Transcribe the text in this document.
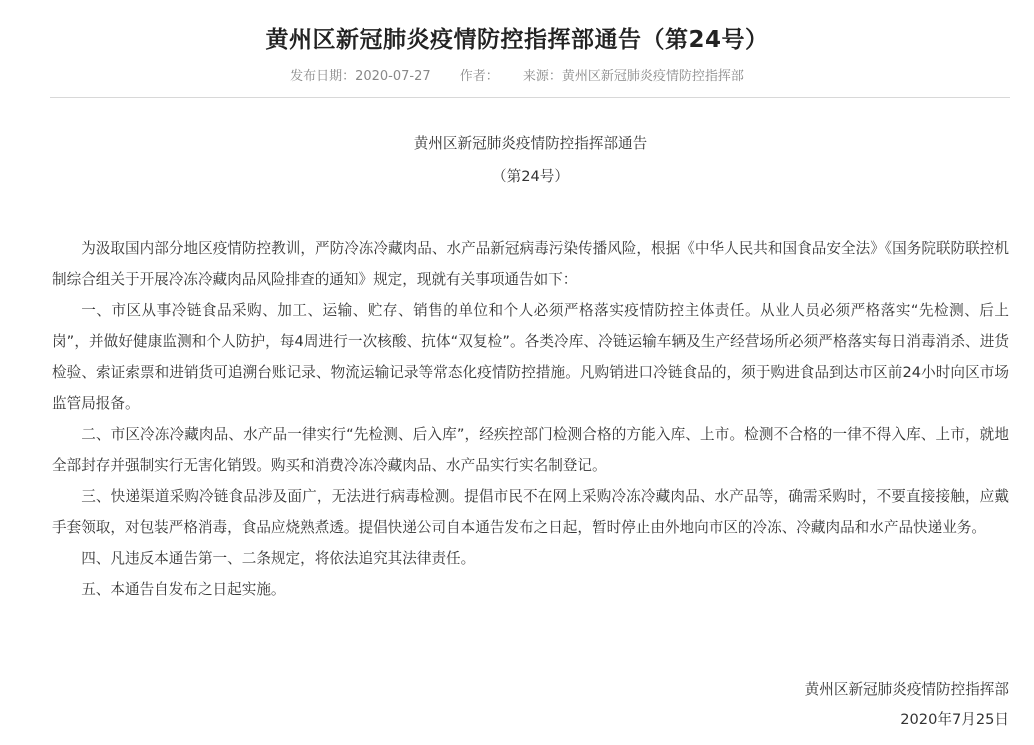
黄州区新冠肺炎疫情防控指挥部通告（第24号）
发布日期：2020-07-27 作者： 来源：黄州区新冠肺炎疫情防控指挥部
黄州区新冠肺炎疫情防控指挥部通告
（第24号）

为汲取国内部分地区疫情防控教训，严防冷冻冷藏肉品、水产品新冠病毒污染传播风险，根据《中华人民共和国食品安全法》《国务院联防联控机制综合组关于开展冷冻冷藏肉品风险排查的通知》规定，现就有关事项通告如下：

一、市区从事冷链食品采购、加工、运输、贮存、销售的单位和个人必须严格落实疫情防控主体责任。从业人员必须严格落实“先检测、后上岗”，并做好健康监测和个人防护，每4周进行一次核酸、抗体“双复检”。各类冷库、冷链运输车辆及生产经营场所必须严格落实每日消毒消杀、进货检验、索证索票和进销货可追溯台账记录、物流运输记录等常态化疫情防控措施。凡购销进口冷链食品的，须于购进食品到达市区前24小时向区市场监管局报备。

二、市区冷冻冷藏肉品、水产品一律实行“先检测、后入库”，经疾控部门检测合格的方能入库、上市。检测不合格的一律不得入库、上市，就地全部封存并强制实行无害化销毁。购买和消费冷冻冷藏肉品、水产品实行实名制登记。

三、快递渠道采购冷链食品涉及面广，无法进行病毒检测。提倡市民不在网上采购冷冻冷藏肉品、水产品等，确需采购时，不要直接接触，应戴手套领取，对包装严格消毒，食品应烧熟煮透。提倡快递公司自本通告发布之日起，暂时停止由外地向市区的冷冻、冷藏肉品和水产品快递业务。

四、凡违反本通告第一、二条规定，将依法追究其法律责任。

五、本通告自发布之日起实施。

黄州区新冠肺炎疫情防控指挥部
2020年7月25日
